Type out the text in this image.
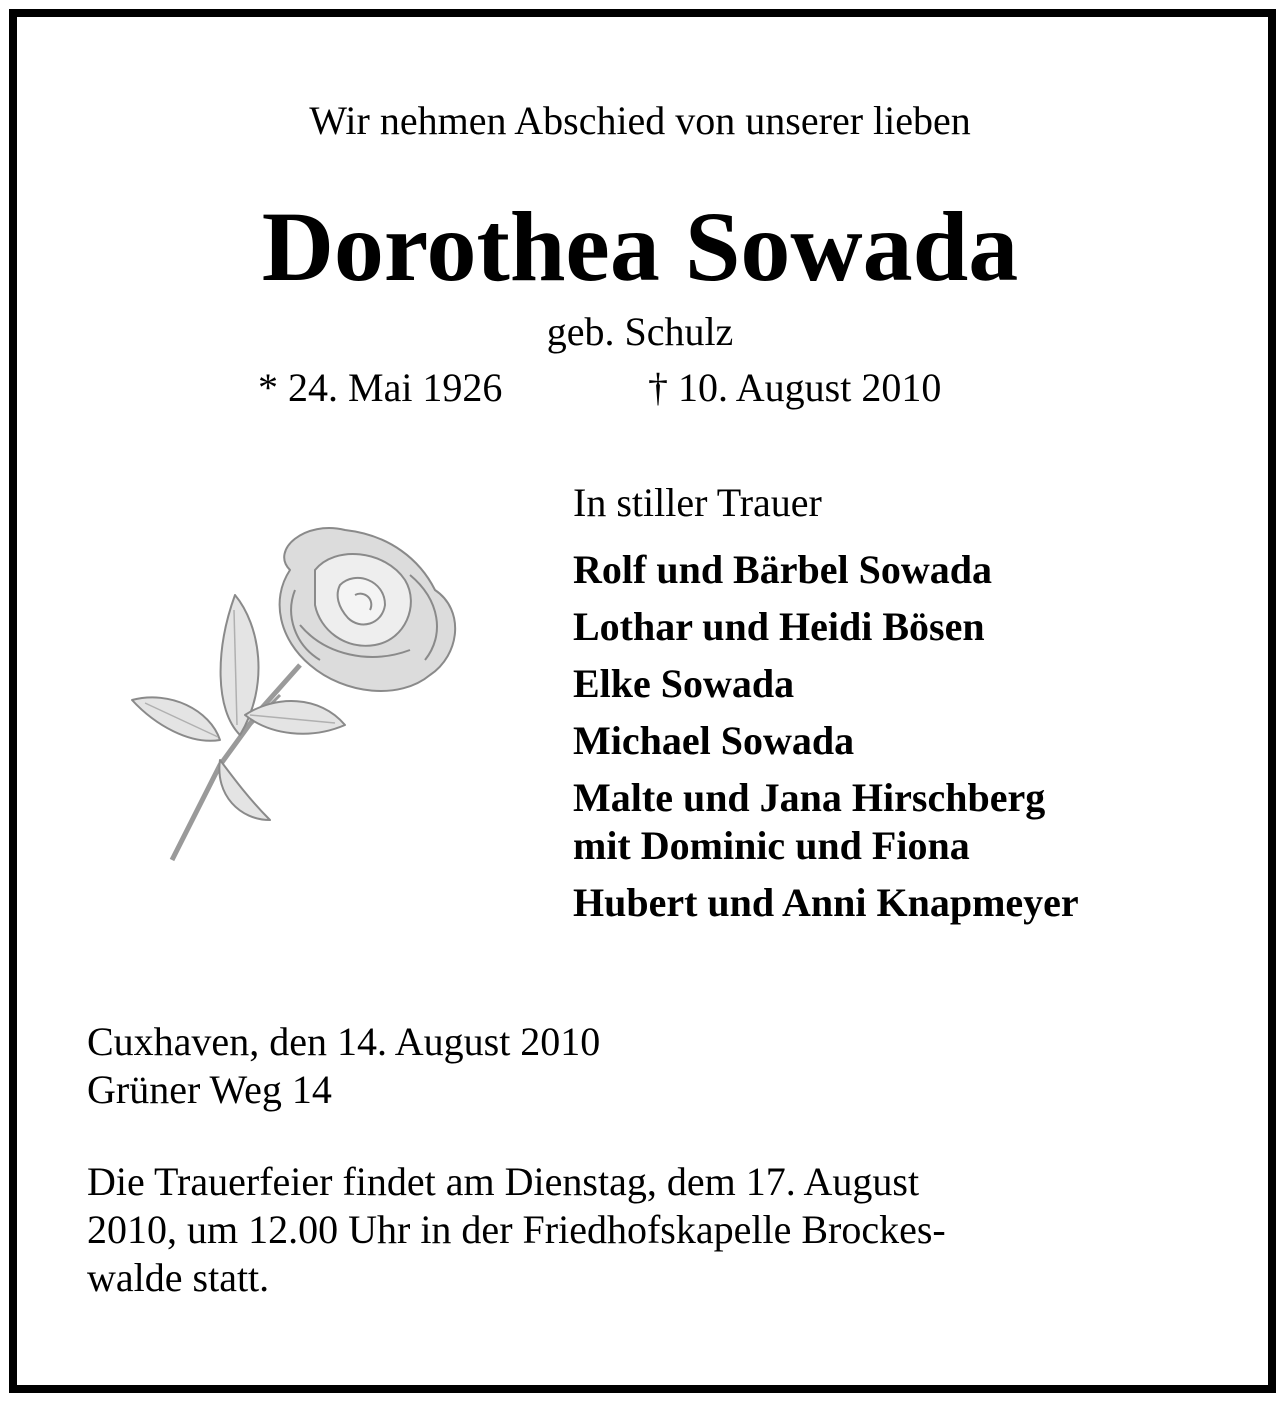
Wir nehmen Abschied von unserer lieben
Dorothea Sowada
geb. Schulz
* 24. Mai 1926	† 10. August 2010
In stiller Trauer
Rolf und Bärbel Sowada
Lothar und Heidi Bösen
Elke Sowada
Michael Sowada
Malte und Jana Hirschberg
mit Dominic und Fiona
Hubert und Anni Knapmeyer
Cuxhaven, den 14. August 2010
Grüner Weg 14

Die Trauerfeier findet am Dienstag, dem 17. August
2010, um 12.00 Uhr in der Friedhofskapelle Brockes-
walde statt.
